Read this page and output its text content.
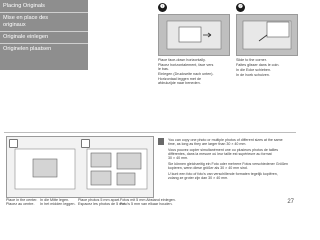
Placing Originals
Mise en place des
originaux
Originale einlegen
Originelen plaatsen
❶	❷
Place face-down horizontally.
Placez horizontalement, face vers
le bas.
Einlegen (Druckseite nach unten).
Horizontaal leggen met de
afdrukzijde naar beneden.
Slide to the corner.
Faites glisser dans le coin.
In die Ecke schieben.
In de hoek schuiven.
Place in the center.
Placez au centre.
In die Mitte legen.
In het midden leggen.
Place photos 5 mm apart.
Espacez les photos de 5 mm.
Fotos mit 5 mm Abstand einlegen.
Foto's 5 mm van elkaar houden.
You can copy one photo or multiple photos of different sizes at the same
time, as long as they are larger than 30 × 40 mm.
Vous pouvez copier simultanément une ou plusieurs photos de tailles
différentes, dans la mesure où leur taille est supérieure au format
30 × 40 mm.
Sie können gleichzeitig ein Foto oder mehrere Fotos verschiedener Größen
kopieren, wenn diese größer als 30 × 40 mm sind.
U kunt een foto of foto's van verschillende formaten tegelijk kopiëren,
zolang ze groter zijn dan 30 × 40 mm.
27
